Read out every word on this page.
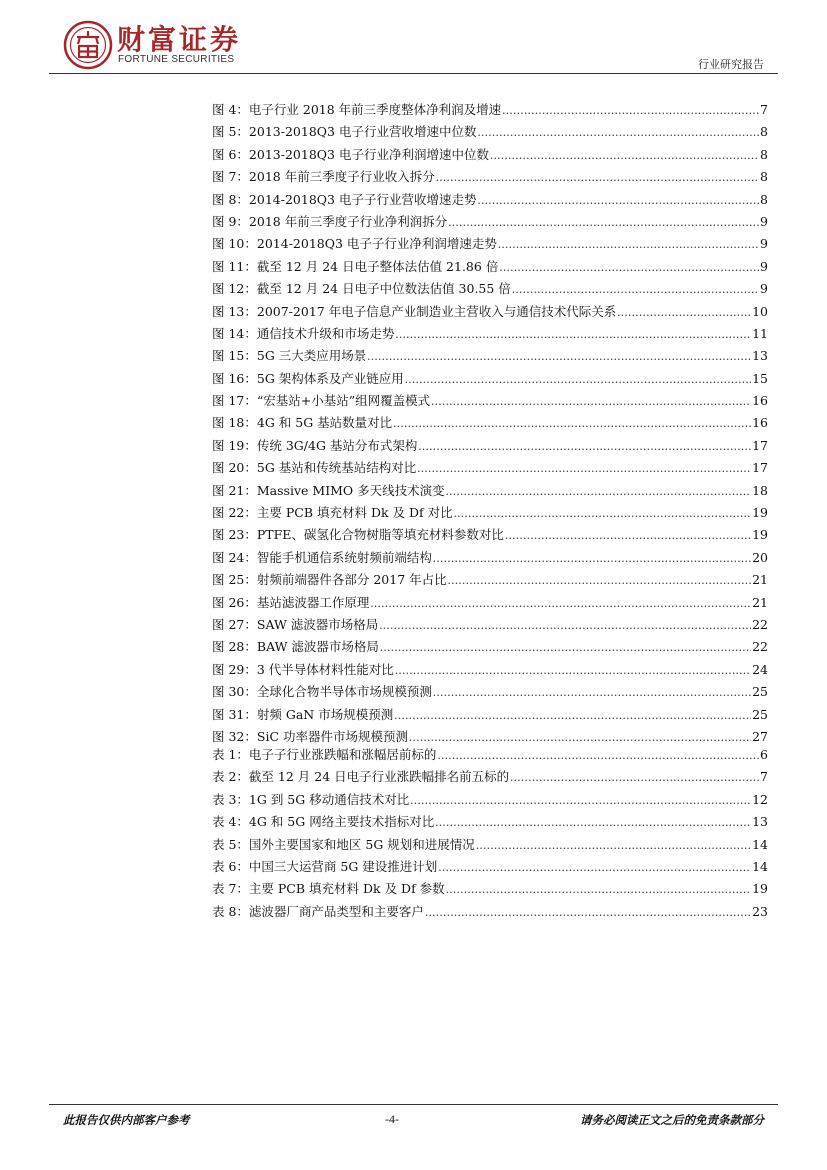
财富证券
FORTUNE SECURITIES	行业研究报告
图 4：电子行业 2018 年前三季度整体净利润及增速 .....	7
图 5：2013-2018Q3 电子行业营收增速中位数 .....	8
图 6：2013-2018Q3 电子行业净利润增速中位数 .....	8
图 7：2018 年前三季度子行业收入拆分 .....	8
图 8：2014-2018Q3 电子子行业营收增速走势 .....	8
图 9：2018 年前三季度子行业净利润拆分 .....	9
图 10：2014-2018Q3 电子子行业净利润增速走势 .....	9
图 11：截至 12 月 24 日电子整体法估值 21.86 倍 .....	9
图 12：截至 12 月 24 日电子中位数法估值 30.55 倍 .....	9
图 13：2007-2017 年电子信息产业制造业主营收入与通信技术代际关系 .....	10
图 14：通信技术升级和市场走势 .....	11
图 15：5G 三大类应用场景 .....	13
图 16：5G 架构体系及产业链应用 .....	15
图 17：“宏基站+小基站”组网覆盖模式 .....	16
图 18：4G 和 5G 基站数量对比 .....	16
图 19：传统 3G/4G 基站分布式架构 .....	17
图 20：5G 基站和传统基站结构对比 .....	17
图 21：Massive MIMO 多天线技术演变 .....	18
图 22：主要 PCB 填充材料 Dk 及 Df 对比 .....	19
图 23：PTFE、碳氢化合物树脂等填充材料参数对比 .....	19
图 24：智能手机通信系统射频前端结构 .....	20
图 25：射频前端器件各部分 2017 年占比 .....	21
图 26：基站滤波器工作原理 .....	21
图 27：SAW 滤波器市场格局 .....	22
图 28：BAW 滤波器市场格局 .....	22
图 29：3 代半导体材料性能对比 .....	24
图 30：全球化合物半导体市场规模预测 .....	25
图 31：射频 GaN 市场规模预测 .....	25
图 32：SiC 功率器件市场规模预测 .....	27
表 1：电子子行业涨跌幅和涨幅居前标的 .....	6
表 2：截至 12 月 24 日电子行业涨跌幅排名前五标的 .....	7
表 3：1G 到 5G 移动通信技术对比 .....	12
表 4：4G 和 5G 网络主要技术指标对比 .....	13
表 5：国外主要国家和地区 5G 规划和进展情况 .....	14
表 6：中国三大运营商 5G 建设推进计划 .....	14
表 7：主要 PCB 填充材料 Dk 及 Df 参数 .....	19
表 8：滤波器厂商产品类型和主要客户 .....	23
此报告仅供内部客户参考	-4-	请务必阅读正文之后的免责条款部分
